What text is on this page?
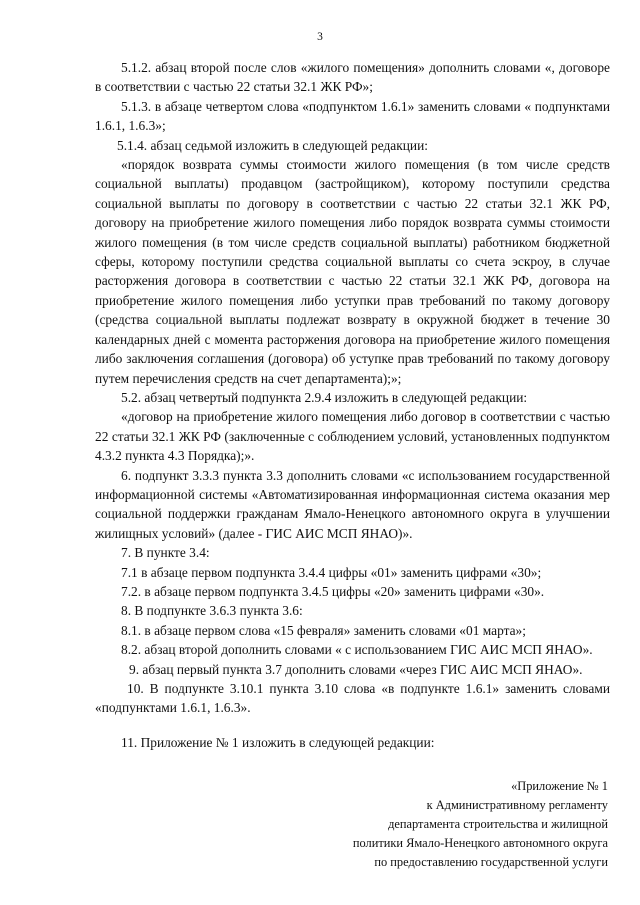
3

5.1.2. абзац второй после слов «жилого помещения» дополнить словами «, договоре в соответствии с частью 22 статьи 32.1 ЖК РФ»;

5.1.3. в абзаце четвертом слова «подпунктом 1.6.1» заменить словами « подпунктами 1.6.1, 1.6.3»;

5.1.4. абзац седьмой изложить в следующей редакции:

«порядок возврата суммы стоимости жилого помещения (в том числе средств социальной выплаты) продавцом (застройщиком), которому поступили средства социальной выплаты по договору в соответствии с частью 22 статьи 32.1 ЖК РФ, договору на приобретение жилого помещения либо порядок возврата суммы стоимости жилого помещения (в том числе средств социальной выплаты) работником бюджетной сферы, которому поступили средства социальной выплаты со счета эскроу, в случае расторжения договора в соответствии с частью 22 статьи 32.1 ЖК РФ, договора на приобретение жилого помещения либо уступки прав требований по такому договору (средства социальной выплаты подлежат возврату в окружной бюджет в течение 30 календарных дней с момента расторжения договора на приобретение жилого помещения либо заключения соглашения (договора) об уступке прав требований по такому договору путем перечисления средств на счет департамента);»;

5.2. абзац четвертый подпункта 2.9.4 изложить в следующей редакции:

«договор на приобретение жилого помещения либо договор в соответствии с частью 22 статьи 32.1 ЖК РФ (заключенные с соблюдением условий, установленных подпунктом 4.3.2 пункта 4.3 Порядка);».

6. подпункт 3.3.3 пункта 3.3 дополнить словами «с использованием государственной информационной системы «Автоматизированная информационная система оказания мер социальной поддержки гражданам Ямало-Ненецкого автономного округа в улучшении жилищных условий» (далее - ГИС АИС МСП ЯНАО)».

7. В пункте 3.4:

7.1 в абзаце первом подпункта 3.4.4 цифры «01» заменить цифрами «30»;

7.2. в абзаце первом подпункта 3.4.5 цифры «20» заменить цифрами «30».

8. В подпункте 3.6.3 пункта 3.6:

8.1. в абзаце первом слова «15 февраля» заменить словами «01 марта»;

8.2. абзац второй дополнить словами « с использованием ГИС АИС МСП ЯНАО».

9. абзац первый пункта 3.7 дополнить словами «через ГИС АИС МСП ЯНАО».

10. В подпункте 3.10.1 пункта 3.10 слова «в подпункте 1.6.1» заменить словами «подпунктами 1.6.1, 1.6.3».

11. Приложение № 1 изложить в следующей редакции:

«Приложение № 1
к Административному регламенту
департамента строительства и жилищной
политики Ямало-Ненецкого автономного округа
по предоставлению государственной услуги
